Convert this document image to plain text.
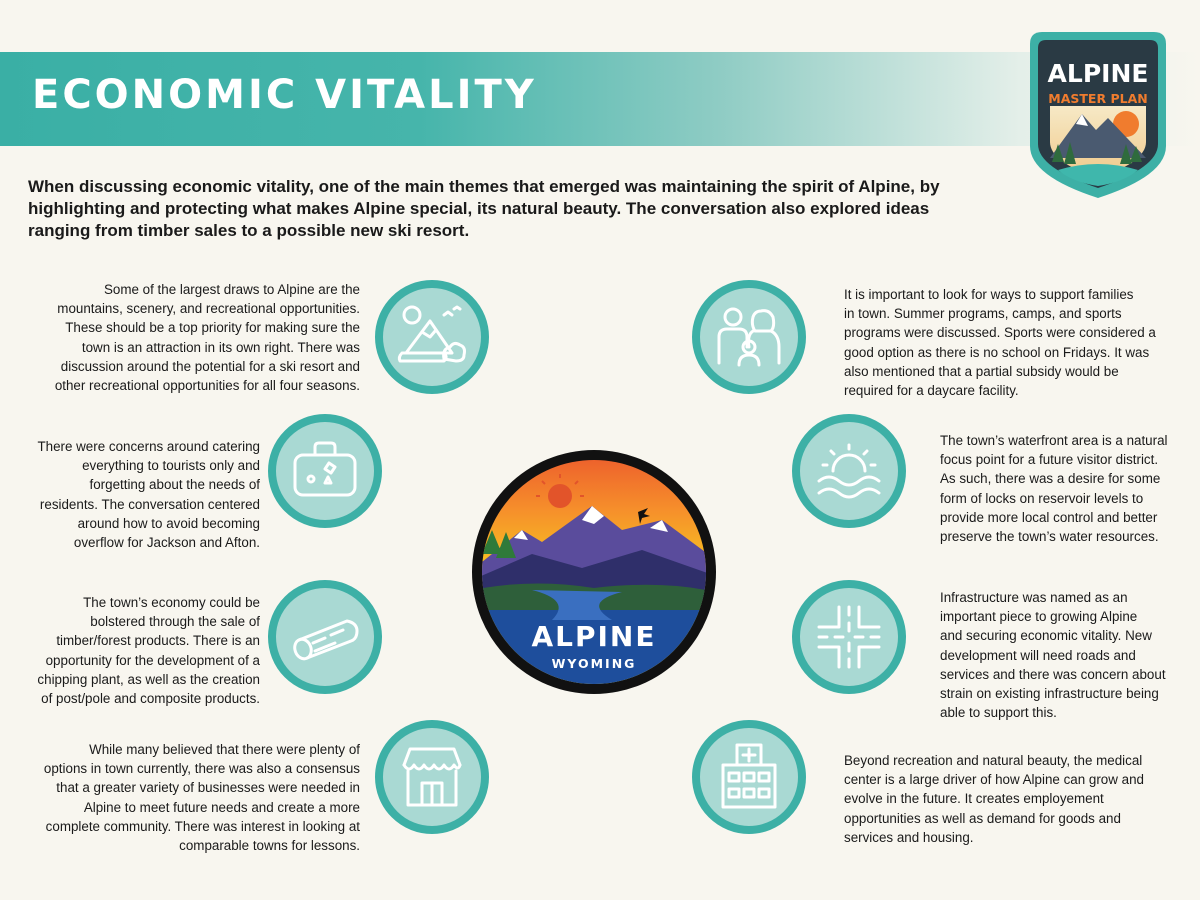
ECONOMIC VITALITY	ALPINE
MASTER PLAN
When discussing economic vitality, one of the main themes that emerged was maintaining the spirit of Alpine, by highlighting and protecting what makes Alpine special, its natural beauty. The conversation also explored ideas ranging from timber sales to a possible new ski resort.
Some of the largest draws to Alpine are the
mountains, scenery, and recreational opportunities.
These should be a top priority for making sure the
town is an attraction in its own right. There was
discussion around the potential for a ski resort and
other recreational opportunities for all four seasons.
There were concerns around catering
everything to tourists only and
forgetting about the needs of
residents. The conversation centered
around how to avoid becoming
overflow for Jackson and Afton.
The town’s economy could be
bolstered through the sale of
timber/forest products. There is an
opportunity for the development of a
chipping plant, as well as the creation
of post/pole and composite products.
While many believed that there were plenty of
options in town currently, there was also a consensus
that a greater variety of businesses were needed in
Alpine to meet future needs and create a more
complete community. There was interest in looking at
comparable towns for lessons.
It is important to look for ways to support families
in town. Summer programs, camps, and sports
programs were discussed. Sports were considered a
good option as there is no school on Fridays. It was
also mentioned that a partial subsidy would be
required for a daycare facility.
The town’s waterfront area is a natural
focus point for a future visitor district.
As such, there was a desire for some
form of locks on reservoir levels to
provide more local control and better
preserve the town’s water resources.
Infrastructure was named as an
important piece to growing Alpine
and securing economic vitality. New
development will need roads and
services and there was concern about
strain on existing infrastructure being
able to support this.
Beyond recreation and natural beauty, the medical
center is a large driver of how Alpine can grow and
evolve in the future. It creates employement
opportunities as well as demand for goods and
services and housing.
ALPINE
WYOMING
